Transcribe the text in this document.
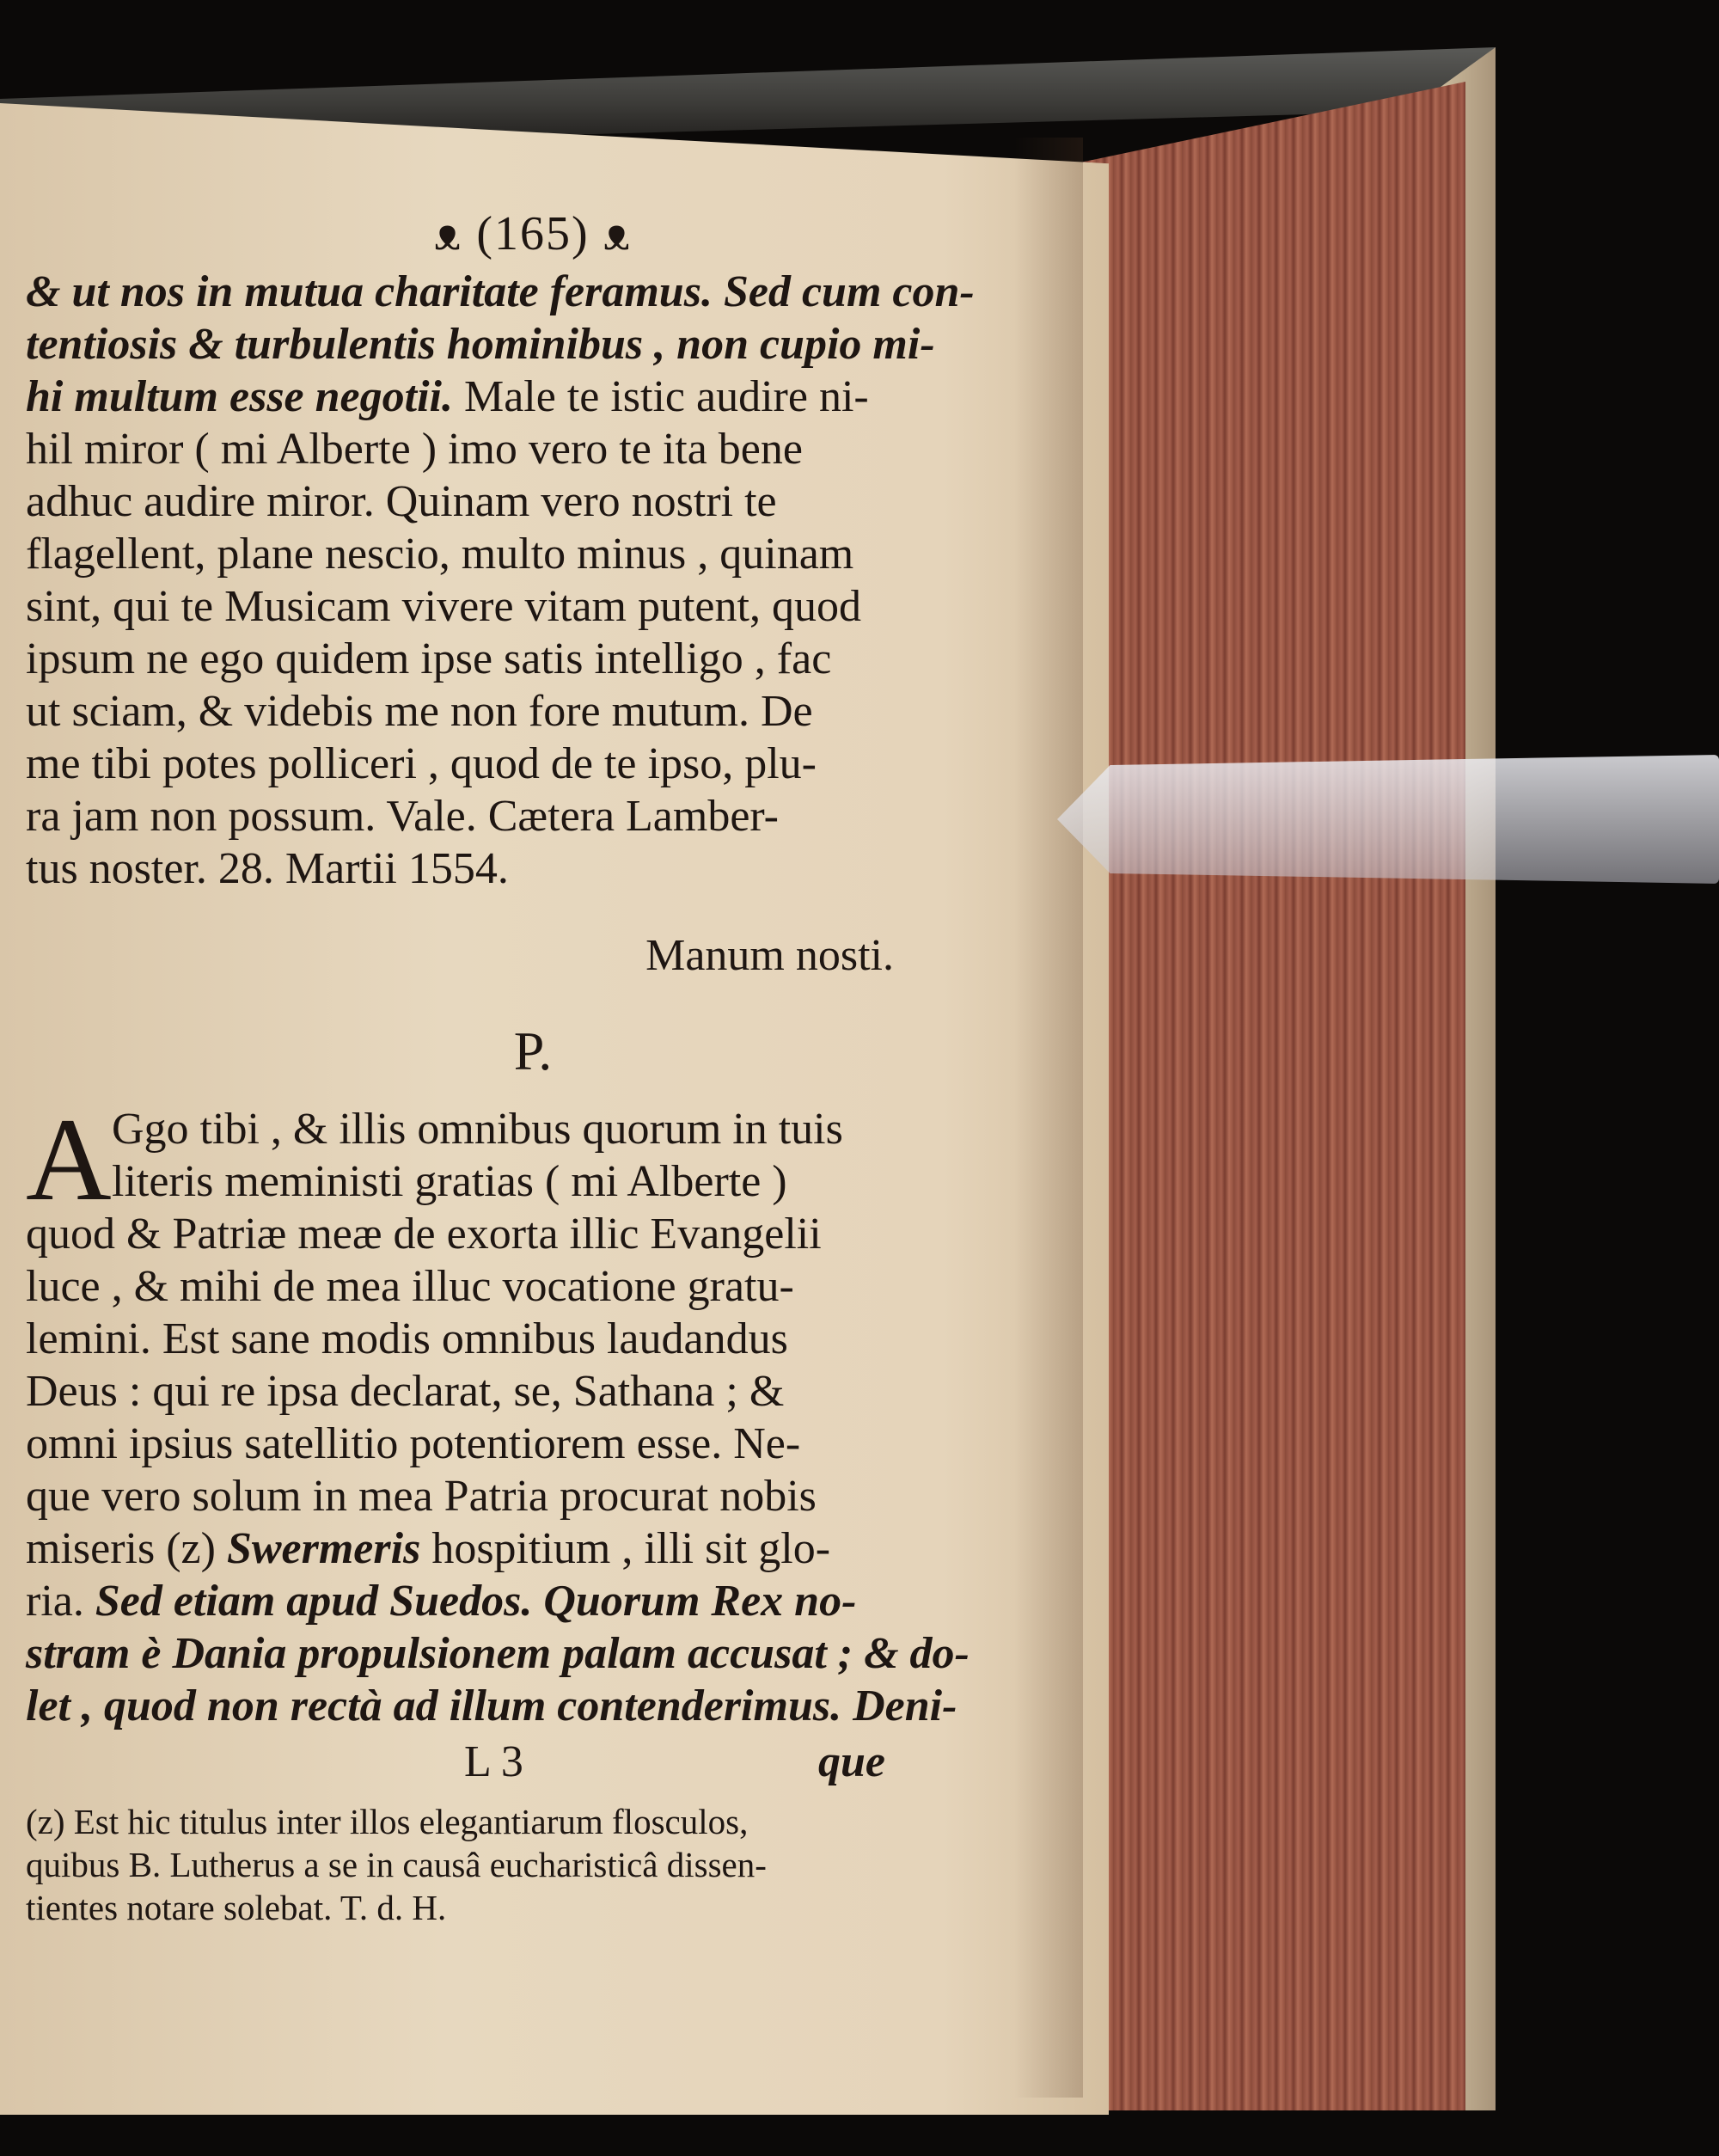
ᴥ (165) ᴥ
& ut nos in mutua charitate feramus. Sed cum con-
tentiosis & turbulentis hominibus , non cupio mi-
hi multum esse negotii. Male te istic audire ni-
hil miror ( mi Alberte ) imo vero te ita bene
adhuc audire miror. Quinam vero nostri te
flagellent, plane nescio, multo minus , quinam
sint, qui te Musicam vivere vitam putent, quod
ipsum ne ego quidem ipse satis intelligo , fac
ut sciam, & videbis me non fore mutum. De
me tibi potes polliceri , quod de te ipso, plu-
ra jam non possum. Vale. Cætera Lamber-
tus noster. 28. Martii 1554.
Manum nosti.
P.
A Ggo tibi , & illis omnibus quorum in tuis
literis meministi gratias ( mi Alberte )
quod & Patriæ meæ de exorta illic Evangelii
luce , & mihi de mea illuc vocatione gratu-
lemini. Est sane modis omnibus laudandus
Deus : qui re ipsa declarat, se, Sathana ; &
omni ipsius satellitio potentiorem esse. Ne-
que vero solum in mea Patria procurat nobis
miseris (z) Swermeris hospitium , illi sit glo-
ria. Sed etiam apud Suedos. Quorum Rex no-
stram è Dania propulsionem palam accusat ; & do-
let , quod non rectà ad illum contenderimus. Deni-
L 3	que
(z) Est hic titulus inter illos elegantiarum flosculos,
quibus B. Lutherus a se in causâ eucharisticâ dissen-
tientes notare solebat. T. d. H.
